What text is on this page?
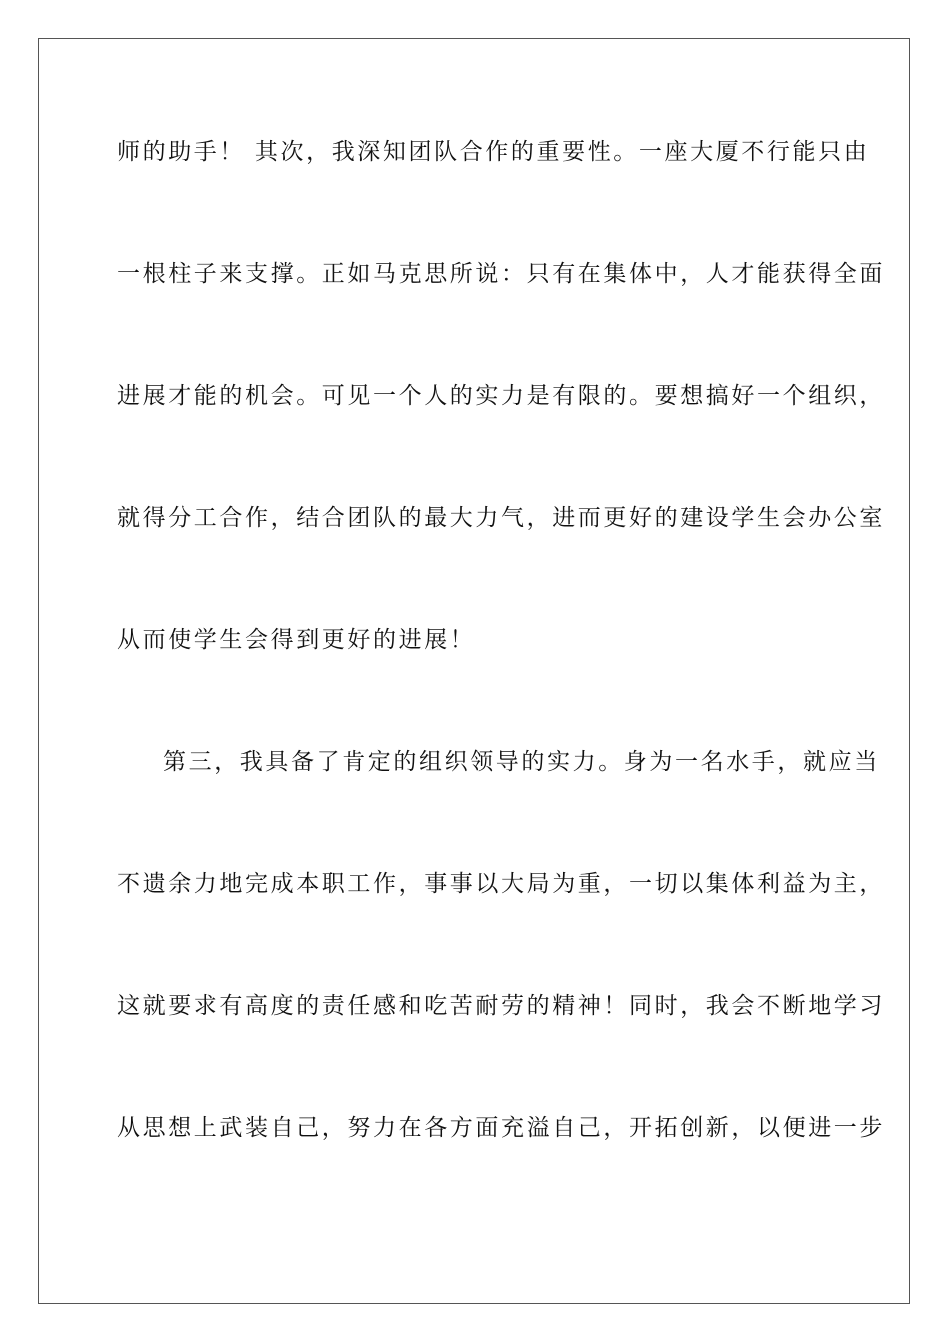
师的助手！ 其次，我深知团队合作的重要性。一座大厦不行能只由
一根柱子来支撑。正如马克思所说：只有在集体中，人才能获得全面
进展才能的机会。可见一个人的实力是有限的。要想搞好一个组织，
就得分工合作，结合团队的最大力气，进而更好的建设学生会办公室
从而使学生会得到更好的进展！
第三，我具备了肯定的组织领导的实力。身为一名水手，就应当
不遗余力地完成本职工作，事事以大局为重，一切以集体利益为主，
这就要求有高度的责任感和吃苦耐劳的精神！同时，我会不断地学习
从思想上武装自己，努力在各方面充溢自己，开拓创新，以便进一步
